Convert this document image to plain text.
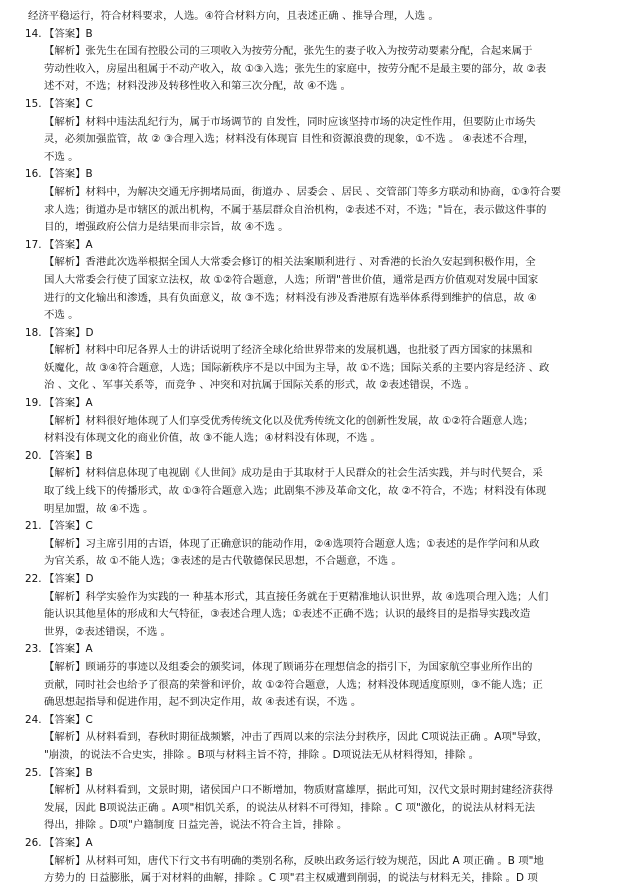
经济平稳运行，符合材料要求，人选。④符合材料方向，且表述正确 、推导合理，人选 。
14. 【答案】B
【解析】张先生在国有控股公司的三项收入为按劳分配，张先生的妻子收入为按劳动要素分配，合起来属于
劳动性收入，房屋出租属于不动产收入，故 ①③入选；张先生的家庭中，按劳分配不是最主要的部分，故 ②表
述不对，不选；材料没涉及转移性收入和第三次分配，故 ④不选 。
15. 【答案】C
【解析】材料中违法乱纪行为，属于市场调节的 自发性，同时应该坚持市场的决定性作用，但要防止市场失
灵，必须加强监管，故 ② ③合理入选；材料没有体现盲 目性和资源浪费的现象，①不选 。 ④表述不合理，
不选 。
16. 【答案】B
【解析】材料中，为解决交通无序拥堵局面，街道办 、居委会 、居民 、交管部门等多方联动和协商，①③符合要
求人选；街道办是市辖区的派出机构，不属于基层群众自治机构，②表述不对，不选；"旨在，表示做这件事的
目的，增强政府公信力是结果而非宗旨，故 ④不选 。
17. 【答案】A
【解析】香港此次选举根据全国人大常委会修订的相关法案顺利进行 、对香港的长治久安起到积极作用，全
国人大常委会行使了国家立法权，故 ①②符合题意，人选；所谓"普世价值，通常是西方价值观对发展中国家
进行的文化输出和渗透，具有负面意义，故 ③不选；材料没有涉及香港原有选举体系得到维护的信息，故 ④
不选 。
18. 【答案】D
【解析】材料中印尼各界人士的讲话说明了经济全球化给世界带来的发展机遇，也批驳了西方国家的抹黑和
妖魔化，故 ③④符合题意，人选；国际新秩序不是以中国为主导，故 ①不选；国际关系的主要内容是经济 、政
治 、文化 、军事关系等，而竞争 、冲突和对抗属于国际关系的形式，故 ②表述错误，不选 。
19. 【答案】A
【解析】材料很好地体现了人们享受优秀传统文化以及优秀传统文化的创新性发展，故 ①②符合题意人选；
材料没有体现文化的商业价值，故 ③不能人选；④材料没有体现，不选 。
20. 【答案】B
【解析】材料信息体现了电视剧《人世间》成功是由于其取材于人民群众的社会生活实践，并与时代契合，采
取了线上线下的传播形式，故 ①③符合题意入选；此剧集不涉及革命文化，故 ②不符合，不选；材料没有体现
明星加盟，故 ④不选 。
21. 【答案】C
【解析】习主席引用的古语，体现了正确意识的能动作用，②④选项符合题意人选；①表述的是作学问和从政
为官关系，故 ①不能人选；③表述的是古代敬德保民思想，不合题意，不选 。
22. 【答案】D
【解析】科学实验作为实践的一 种基本形式，其直接任务就在于更精准地认识世界，故 ④选项合理入选；人们
能认识其他星体的形成和大气特征，③表述合理人选；①表述不正确不选；认识的最终目的是指导实践改造
世界，②表述错误，不选 。
23. 【答案】A
【解析】顾诵芬的事迹以及组委会的颁奖词，体现了顾诵芬在理想信念的指引下，为国家航空事业所作出的
贡献，同时社会也给予了很高的荣誉和评价，故 ①②符合题意，人选；材料没体现适度原则，③不能人选；正
确思想起指导和促进作用，起不到决定作用，故 ④表述有误，不选 。
24. 【答案】C
【解析】从材料看到，春秋时期征战频繁，冲击了西周以来的宗法分封秩序，因此 C项说法正确 。A项"导致，
"崩溃，的说法不合史实，排除 。B项与材料主旨不符，排除 。D项说法无从材料得知，排除 。
25. 【答案】B
【解析】从材料看到，文景时期，诸侯国户口不断增加，物质财富雄厚，据此可知，汉代文景时期封建经济获得
发展，因此 B项说法正确 。A项"相饥关系，的说法从材料不可得知，排除 。C 项"激化，的说法从材料无法
得出，排除 。D项"户籍制度 日益完善，说法不符合主旨，排除 。
26. 【答案】A
【解析】从材料可知，唐代下行文书有明确的类别名称，反映出政务运行较为规范，因此 A 项正确 。B 项"地
方势力的 日益膨胀，属于对材料的曲解，排除 。C 项"君主权威遭到削弱，的说法与材料无关，排除 。D 项
